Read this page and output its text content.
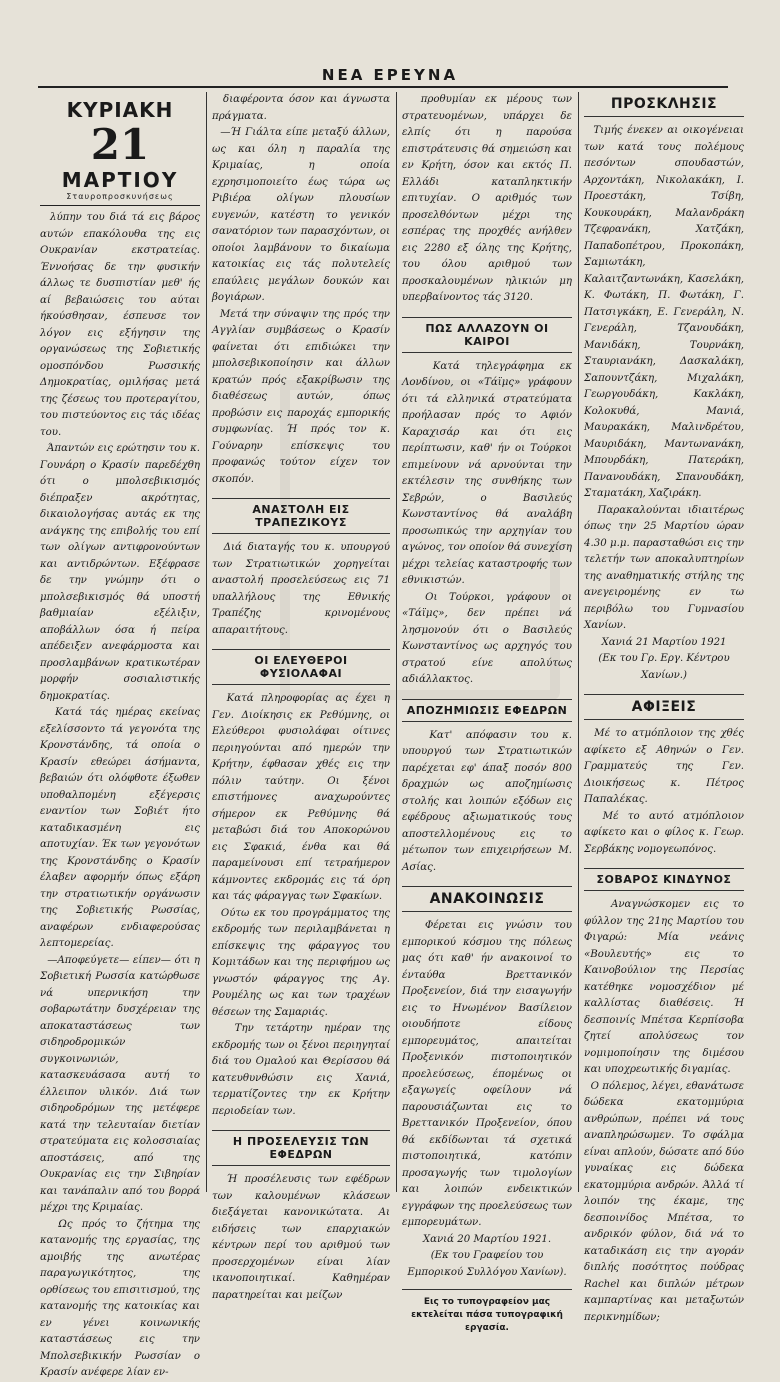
ΝΕΑ ΕΡΕΥΝΑ
ΚΥΡΙΑΚΗ
21
ΜΑΡΤΙΟΥ
Σταυροπροσκυνήσεως

λύπην του διά τά εις βάρος αυτών επακόλουθα της εις Ουκρανίαν εκστρατείας. Έννοήσας δε την φυσικήν άλλως τε δυσπιστίαν μεθ' ής αί βεβαιώσεις του αύται ήκούσθησαν, έσπευσε τον λόγον εις εξήγησιν της οργανώσεως της Σοβιετικής ομοσπόνδου Ρωσσικής Δημοκρατίας, ομιλήσας μετά της ζέσεως του προτεραγίτου, του πιστεύοντος εις τάς ιδέας του.

Άπαντών εις ερώτησιν του κ. Γουνάρη ο Κρασίν παρεδέχθη ότι ο μπολσεβικισμός διέπραξεν ακρότητας, δικαιολογήσας αυτάς εκ της ανάγκης της επιβολής του επί των ολίγων αντιφρονούντων και αντιδρώντων. Εξέφρασε δε την γνώμην ότι ο μπολσεβικισμός θά υποστή βαθμιαίαν εξέλιξιν, αποβάλλων όσα ή πείρα απέδειξεν ανεφάρμοστα και προσλαμβάνων κρατικωτέραν μορφήν σοσιαλιστικής δημοκρατίας.

Κατά τάς ημέρας εκείνας εξελίσσοντο τά γεγονότα της Κρονστάνδης, τά οποία ο Κρασίν εθεώρει άσήμαντα, βεβαιών ότι ολόφθοτε έξωθεν υποθαλπομένη εξέγερσις εναντίον των Σοβιέτ ήτο καταδικασμένη εις αποτυχίαν. Έκ των γεγονότων της Κρονστάνδης ο Κρασίν έλαβεν αφορμήν όπως εξάρη την στρατιωτικήν οργάνωσιν της Σοβιετικής Ρωσσίας, αναφέρων ενδιαφερούσας λεπτομερείας.

—Αποφεύγετε— είπεν— ότι η Σοβιετική Ρωσσία κατώρθωσε νά υπερνικήση την σοβαρωτάτην δυσχέρειαν της αποκαταστάσεως των σιδηροδρομικών συγκοινωνιών, κατασκευάσασα αυτή το έλλειπον υλικόν. Διά των σιδηροδρόμων της μετέφερε κατά την τελευταίαν διετίαν στρατεύματα εις κολοσσιαίας αποστάσεις, από της Ουκρανίας εις την Σιβηρίαν και τανάπαλιν από του βορρά μέχρι της Κριμαίας.

Ως πρός το ζήτημα της κατανομής της εργασίας, της αμοιβής της ανωτέρας παραγωγικότητος, της ορθίσεως του επισιτισμού, της κατανομής της κατοικίας και εν γένει κοινωνικής καταστάσεως εις την Μπολσεβικικήν Ρωσσίαν ο Κρασίν ανέφερε λίαν εν-

διαφέροντα όσον και άγνωστα πράγματα.

—Ή Γιάλτα είπε μεταξύ άλλων, ως και όλη η παραλία της Κριμαίας, η οποία εχρησιμοποιείτο έως τώρα ως Ριβιέρα ολίγων πλουσίων ευγενών, κατέστη το γενικόν σανατόριον των παρασχόντων, οι οποίοι λαμβάνουν το δικαίωμα κατοικίας εις τάς πολυτελείς επαύλεις μεγάλων δουκών και βογιάρων.

Μετά την σύναψιν της πρός την Αγγλίαν συμβάσεως ο Κρασίν φαίνεται ότι επιδιώκει την μπολσεβικοποίησιν και άλλων κρατών πρός εξακρίβωσιν της διαθέσεως αυτών, όπως προβώσιν εις παροχάς εμπορικής συμφωνίας. Ή πρός τον κ. Γούναρην επίσκεψις του προφανώς τούτον είχεν τον σκοπόν.

ΑΝΑΣΤΟΛΗ ΕΙΣ ΤΡΑΠΕΖΙΚΟΥΣ

Διά διαταγής του κ. υπουργού των Στρατιωτικών χορηγείται αναστολή προσελεύσεως εις 71 υπαλλήλους της Εθνικής Τραπέζης κρινομένους απαραιτήτους.

ΟΙ ΕΛΕΥΘΕΡΟΙ ΦΥΣΙΟΛΑΦΑΙ

Κατά πληροφορίας ας έχει η Γεν. Διοίκησις εκ Ρεθύμνης, οι Ελεύθεροι φυσιολάφαι οίτινες περιηγούνται από ημερών την Κρήτην, έφθασαν χθές εις την πόλιν ταύτην. Οι ξένοι επιστήμονες αναχωρούντες σήμερον εκ Ρεθύμνης θά μεταβώσι διά του Αποκορώνου εις Σφακιά, ένθα και θά παραμείνουσι επί τετραήμερον κάμνοντες εκδρομάς εις τά όρη και τάς φάραγγας των Σφακίων.

Ούτω εκ του προγράμματος της εκδρομής των περιλαμβάνεται η επίσκεψις της φάραγγος του Κομιτάδων και της περιφήμου ως γνωστόν φάραγγος της Αγ. Ρουμέλης ως και των τραχέων θέσεων της Σαμαριάς.

Την τετάρτην ημέραν της εκδρομής των οι ξένοι περιηγηταί διά του Ομαλού και Θερίσσου θά κατευθυνθώσιν εις Χανιά, τερματίζοντες την εκ Κρήτην περιοδείαν των.

Η ΠΡΟΣΕΛΕΥΣΙΣ ΤΩΝ ΕΦΕΔΡΩΝ

Ή προσέλευσις των εφέδρων των καλουμένων κλάσεων διεξάγεται κανονικώτατα. Αι ειδήσεις των επαρχιακών κέντρων περί του αριθμού των προσερχομένων είναι λίαν ικανοποιητικαί. Καθημέραν παρατηρείται και μείζων

προθυμίαν εκ μέρους των στρατευομένων, υπάρχει δε ελπίς ότι η παρούσα επιστράτευσις θά σημειώση και εν Κρήτη, όσον και εκτός Π. Ελλάδι καταπληκτικήν επιτυχίαν. Ο αριθμός των προσελθόντων μέχρι της εσπέρας της προχθές ανήλθεν εις 2280 εξ όλης της Κρήτης, του όλου αριθμού των προσκαλουμένων ηλικιών μη υπερβαίνοντος τάς 3120.

ΠΩΣ ΑΛΛΑΖΟΥΝ ΟΙ ΚΑΙΡΟΙ

Κατά τηλεγράφημα εκ Λονδίνου, οι «Τάϊμς» γράφουν ότι τά ελληνικά στρατεύματα προήλασαν πρός το Αφιόν Καραχισάρ και ότι εις περίπτωσιν, καθ' ήν οι Τούρκοι επιμείνουν νά αρνούνται την εκτέλεσιν της συνθήκης των Σεβρών, ο Βασιλεύς Κωνσταντίνος θά αναλάβη προσωπικώς την αρχηγίαν του αγώνος, τον οποίον θά συνεχίση μέχρι τελείας καταστροφής των εθνικιστών.

Οι Τούρκοι, γράφουν οι «Τάϊμς», δεν πρέπει νά λησμονούν ότι ο Βασιλεύς Κωνσταντίνος ως αρχηγός του στρατού είνε απολύτως αδιάλλακτος.

ΑΠΟΖΗΜΙΩΣΙΣ ΕΦΕΔΡΩΝ

Κατ' απόφασιν του κ. υπουργού των Στρατιωτικών παρέχεται εφ' άπαξ ποσόν 800 δραχμών ως αποζημίωσις στολής και λοιπών εξόδων εις εφέδρους αξιωματικούς τους αποστελλομένους εις το μέτωπον των επιχειρήσεων Μ. Ασίας.

ΑΝΑΚΟΙΝΩΣΙΣ

Φέρεται εις γνώσιν του εμπορικού κόσμου της πόλεως μας ότι καθ' ήν ανακοινοί το ένταύθα Βρεττανικόν Προξενείον, διά την εισαγωγήν εις το Ηνωμένον Βασίλειον οιουδήποτε είδους εμπορευμάτος, απαιτείται Προξενικόν πιστοποιητικόν προελεύσεως, έπομένως οι εξαγωγείς οφείλουν νά παρουσιάζωνται εις το Βρεττανικόν Προξενείον, όπου θά εκδίδωνται τά σχετικά πιστοποιητικά, κατόπιν προσαγωγής των τιμολογίων και λοιπών ενδεικτικών εγγράφων της προελεύσεως των εμπορευμάτων.

Χανιά 20 Μαρτίου 1921.

(Εκ του Γραφείου του Εμπορικού Συλλόγου Χανίων).

Εις το τυπογραφείον μας εκτελείται πάσα τυπογραφική εργασία.
ΠΡΟΣΚΛΗΣΙΣ

Τιμής ένεκεν αι οικογένειαι των κατά τους πολέμους πεσόντων σπουδαστών, Αρχοντάκη, Νικολακάκη, Ι. Προεστάκη, Τσίβη, Κουκουράκη, Μαλανδράκη Τζεφρανάκη, Χατζάκη, Παπαδοπέτρου, Προκοπάκη, Σαμιωτάκη, Καλαιτζαντωνάκη, Κασελάκη, Κ. Φωτάκη, Π. Φωτάκη, Γ. Πατσιγκάκη, Ε. Γενεράλη, Ν. Γενεράλη, Τζανουδάκη, Μανιδάκη, Τουρνάκη, Σταυριανάκη, Δασκαλάκη, Σαπουντζάκη, Μιχαλάκη, Γεωργουδάκη, Κακλάκη, Κολοκυθά, Μανιά, Μαυρακάκη, Μαλινδρέτου, Μαυριδάκη, Μαντωνανάκη, Μπουρδάκη, Πατεράκη, Πανανουδάκη, Σπανουδάκη, Σταματάκη, Χαζιράκη.

Παρακαλούνται ιδιαιτέρως όπως την 25 Μαρτίου ώραν 4.30 μ.μ. παρασταθώσι εις την τελετήν των αποκαλυπτηρίων της αναθηματικής στήλης της ανεγειρομένης εν τω περιβόλω του Γυμνασίου Χανίων.

Χανιά 21 Μαρτίου 1921

(Εκ του Γρ. Εργ. Κέντρου Χανίων.)

ΑΦΙΞΕΙΣ

Μέ το ατμόπλοιον της χθές αφίκετο εξ Αθηνών ο Γεν. Γραμματεύς της Γεν. Διοικήσεως κ. Πέτρος Παπαλέκας.

Μέ το αυτό ατμόπλοιον αφίκετο και ο φίλος κ. Γεωρ. Σερβάκης νομογεωπόνος.

ΣΟΒΑΡΟΣ ΚΙΝΔΥΝΟΣ

Αναγνώσκομεν εις το φύλλον της 21ης Μαρτίου του Φιγαρώ: Μία νεάνις «Βουλευτής» εις το Καινοβούλιον της Περσίας κατέθηκε νομοσχέδιον μέ καλλίστας διαθέσεις. Ή δεσποινίς Μπέτσα Κερπίσοβα ζητεί απολύσεως τον νομιμοποίησιν της διμέσου και υποχρεωτικής διγαμίας.

Ο πόλεμος, λέγει, εθανάτωσε δώδεκα εκατομμύρια ανθρώπων, πρέπει νά τους αναπληρώσωμεν. Το σφάλμα είναι απλούν, δώσατε από δύο γυναίκας εις δώδεκα εκατομμύρια ανδρών. Άλλά τί λοιπόν της έκαμε, της δεσποινίδος Μπέτσα, το ανδρικόν φύλον, διά νά το καταδικάση εις την αγοράν διπλής ποσότητος πούδρας Rachel και διπλών μέτρων καμπαρτίνας και μεταξωτών περικνημίδων;
